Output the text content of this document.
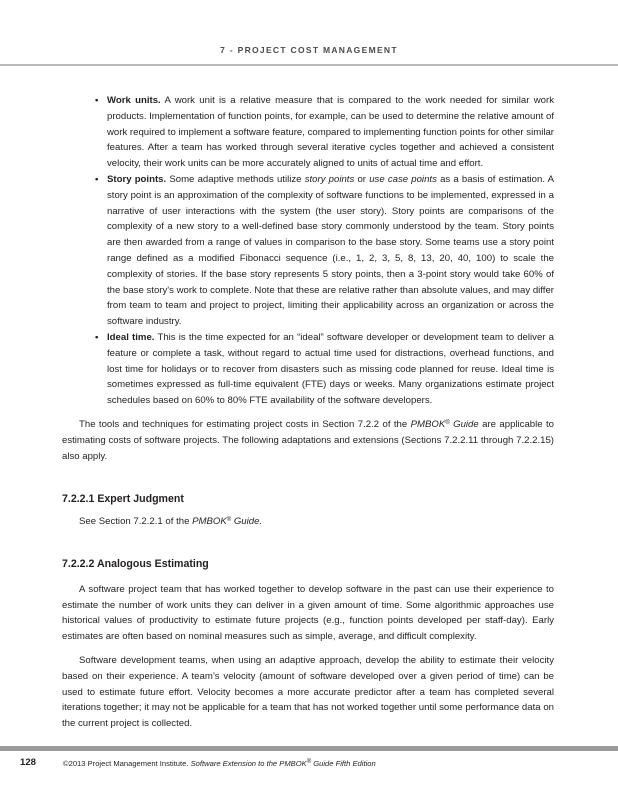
7 - PROJECT COST MANAGEMENT
• Work units. A work unit is a relative measure that is compared to the work needed for similar work products. Implementation of function points, for example, can be used to determine the relative amount of work required to implement a software feature, compared to implementing function points for other similar features. After a team has worked through several iterative cycles together and achieved a consistent velocity, their work units can be more accurately aligned to units of actual time and effort.
• Story points. Some adaptive methods utilize story points or use case points as a basis of estimation. A story point is an approximation of the complexity of software functions to be implemented, expressed in a narrative of user interactions with the system (the user story). Story points are comparisons of the complexity of a new story to a well-defined base story commonly understood by the team. Story points are then awarded from a range of values in comparison to the base story. Some teams use a story point range defined as a modified Fibonacci sequence (i.e., 1, 2, 3, 5, 8, 13, 20, 40, 100) to scale the complexity of stories. If the base story represents 5 story points, then a 3-point story would take 60% of the base story's work to complete. Note that these are relative rather than absolute values, and may differ from team to team and project to project, limiting their applicability across an organization or across the software industry.
• Ideal time. This is the time expected for an “ideal” software developer or development team to deliver a feature or complete a task, without regard to actual time used for distractions, overhead functions, and lost time for holidays or to recover from disasters such as missing code planned for reuse. Ideal time is sometimes expressed as full-time equivalent (FTE) days or weeks. Many organizations estimate project schedules based on 60% to 80% FTE availability of the software developers.

The tools and techniques for estimating project costs in Section 7.2.2 of the PMBOK® Guide are applicable to estimating costs of software projects. The following adaptations and extensions (Sections 7.2.2.11 through 7.2.2.15) also apply.

7.2.2.1 Expert Judgment

See Section 7.2.2.1 of the PMBOK® Guide.

7.2.2.2 Analogous Estimating

A software project team that has worked together to develop software in the past can use their experience to estimate the number of work units they can deliver in a given amount of time. Some algorithmic approaches use historical values of productivity to estimate future projects (e.g., function points developed per staff-day). Early estimates are often based on nominal measures such as simple, average, and difficult complexity.

Software development teams, when using an adaptive approach, develop the ability to estimate their velocity based on their experience. A team’s velocity (amount of software developed over a given period of time) can be used to estimate future effort. Velocity becomes a more accurate predictor after a team has completed several iterations together; it may not be applicable for a team that has not worked together until some performance data on the current project is collected.

128	©2013 Project Management Institute. Software Extension to the PMBOK® Guide Fifth Edition
